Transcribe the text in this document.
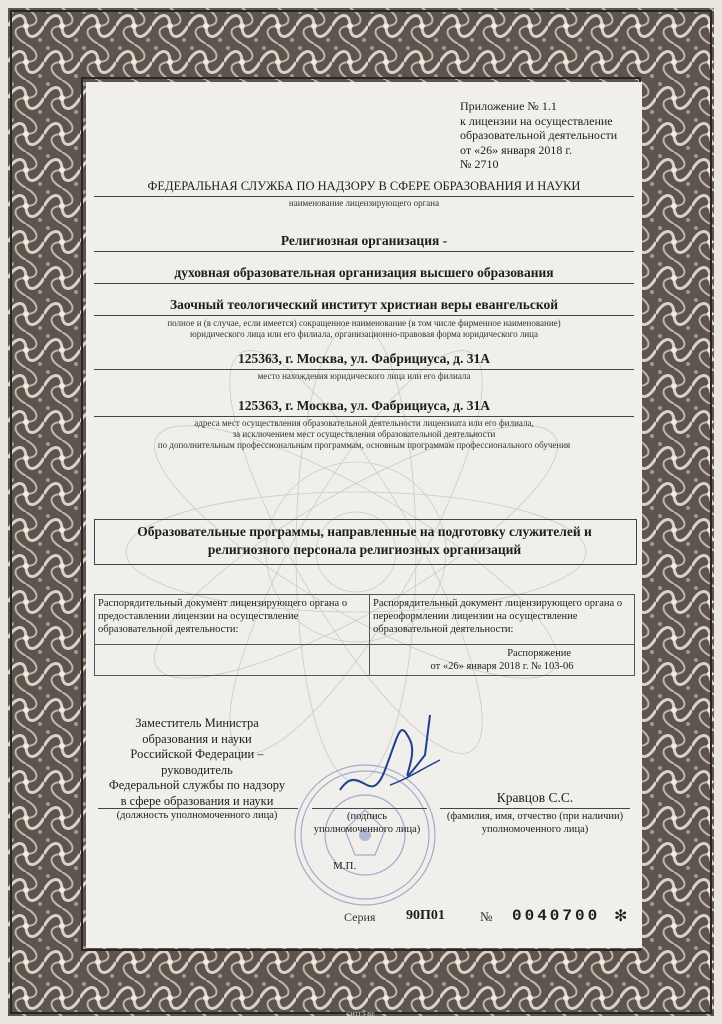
Приложение № 1.1
к лицензии на осуществление
образовательной деятельности
от «26» января 2018 г.
№ 2710
ФЕДЕРАЛЬНАЯ СЛУЖБА ПО НАДЗОРУ В СФЕРЕ ОБРАЗОВАНИЯ И НАУКИ
наименование лицензирующего органа
Религиозная организация -
духовная образовательная организация высшего образования
Заочный теологический институт христиан веры евангельской
полное и (в случае, если имеется) сокращенное наименование (в том числе фирменное наименование)
юридического лица или его филиала, организационно-правовая форма юридического лица
125363, г. Москва, ул. Фабрициуса, д. 31А
место нахождения юридического лица или его филиала
125363, г. Москва, ул. Фабрициуса, д. 31А
адреса мест осуществления образовательной деятельности лицензиата или его филиала,
за исключением мест осуществления образовательной деятельности
по дополнительным профессиональным программам, основным программам профессионального обучения
Образовательные программы, направленные на подготовку служителей и
религиозного персонала религиозных организаций
Распорядительный документ лицензирующего органа о предоставлении лицензии на осуществление образовательной деятельности:	Распорядительный документ лицензирующего органа о переоформлении лицензии на осуществление образовательной деятельности:

	Распоряжение
от «26» января 2018 г. № 103-06
Заместитель Министра
образования и науки
Российской Федерации –
руководитель
Федеральной службы по надзору
в сфере образования и науки
(должность уполномоченного лица)	(подпись
уполномоченного лица)
Кравцов С.С.
(фамилия, имя, отчество (при наличии)
уполномоченного лица)
М.П.
Серия 90П01	№ 0040700 ✻
©ИТГЗ-ВЕ
